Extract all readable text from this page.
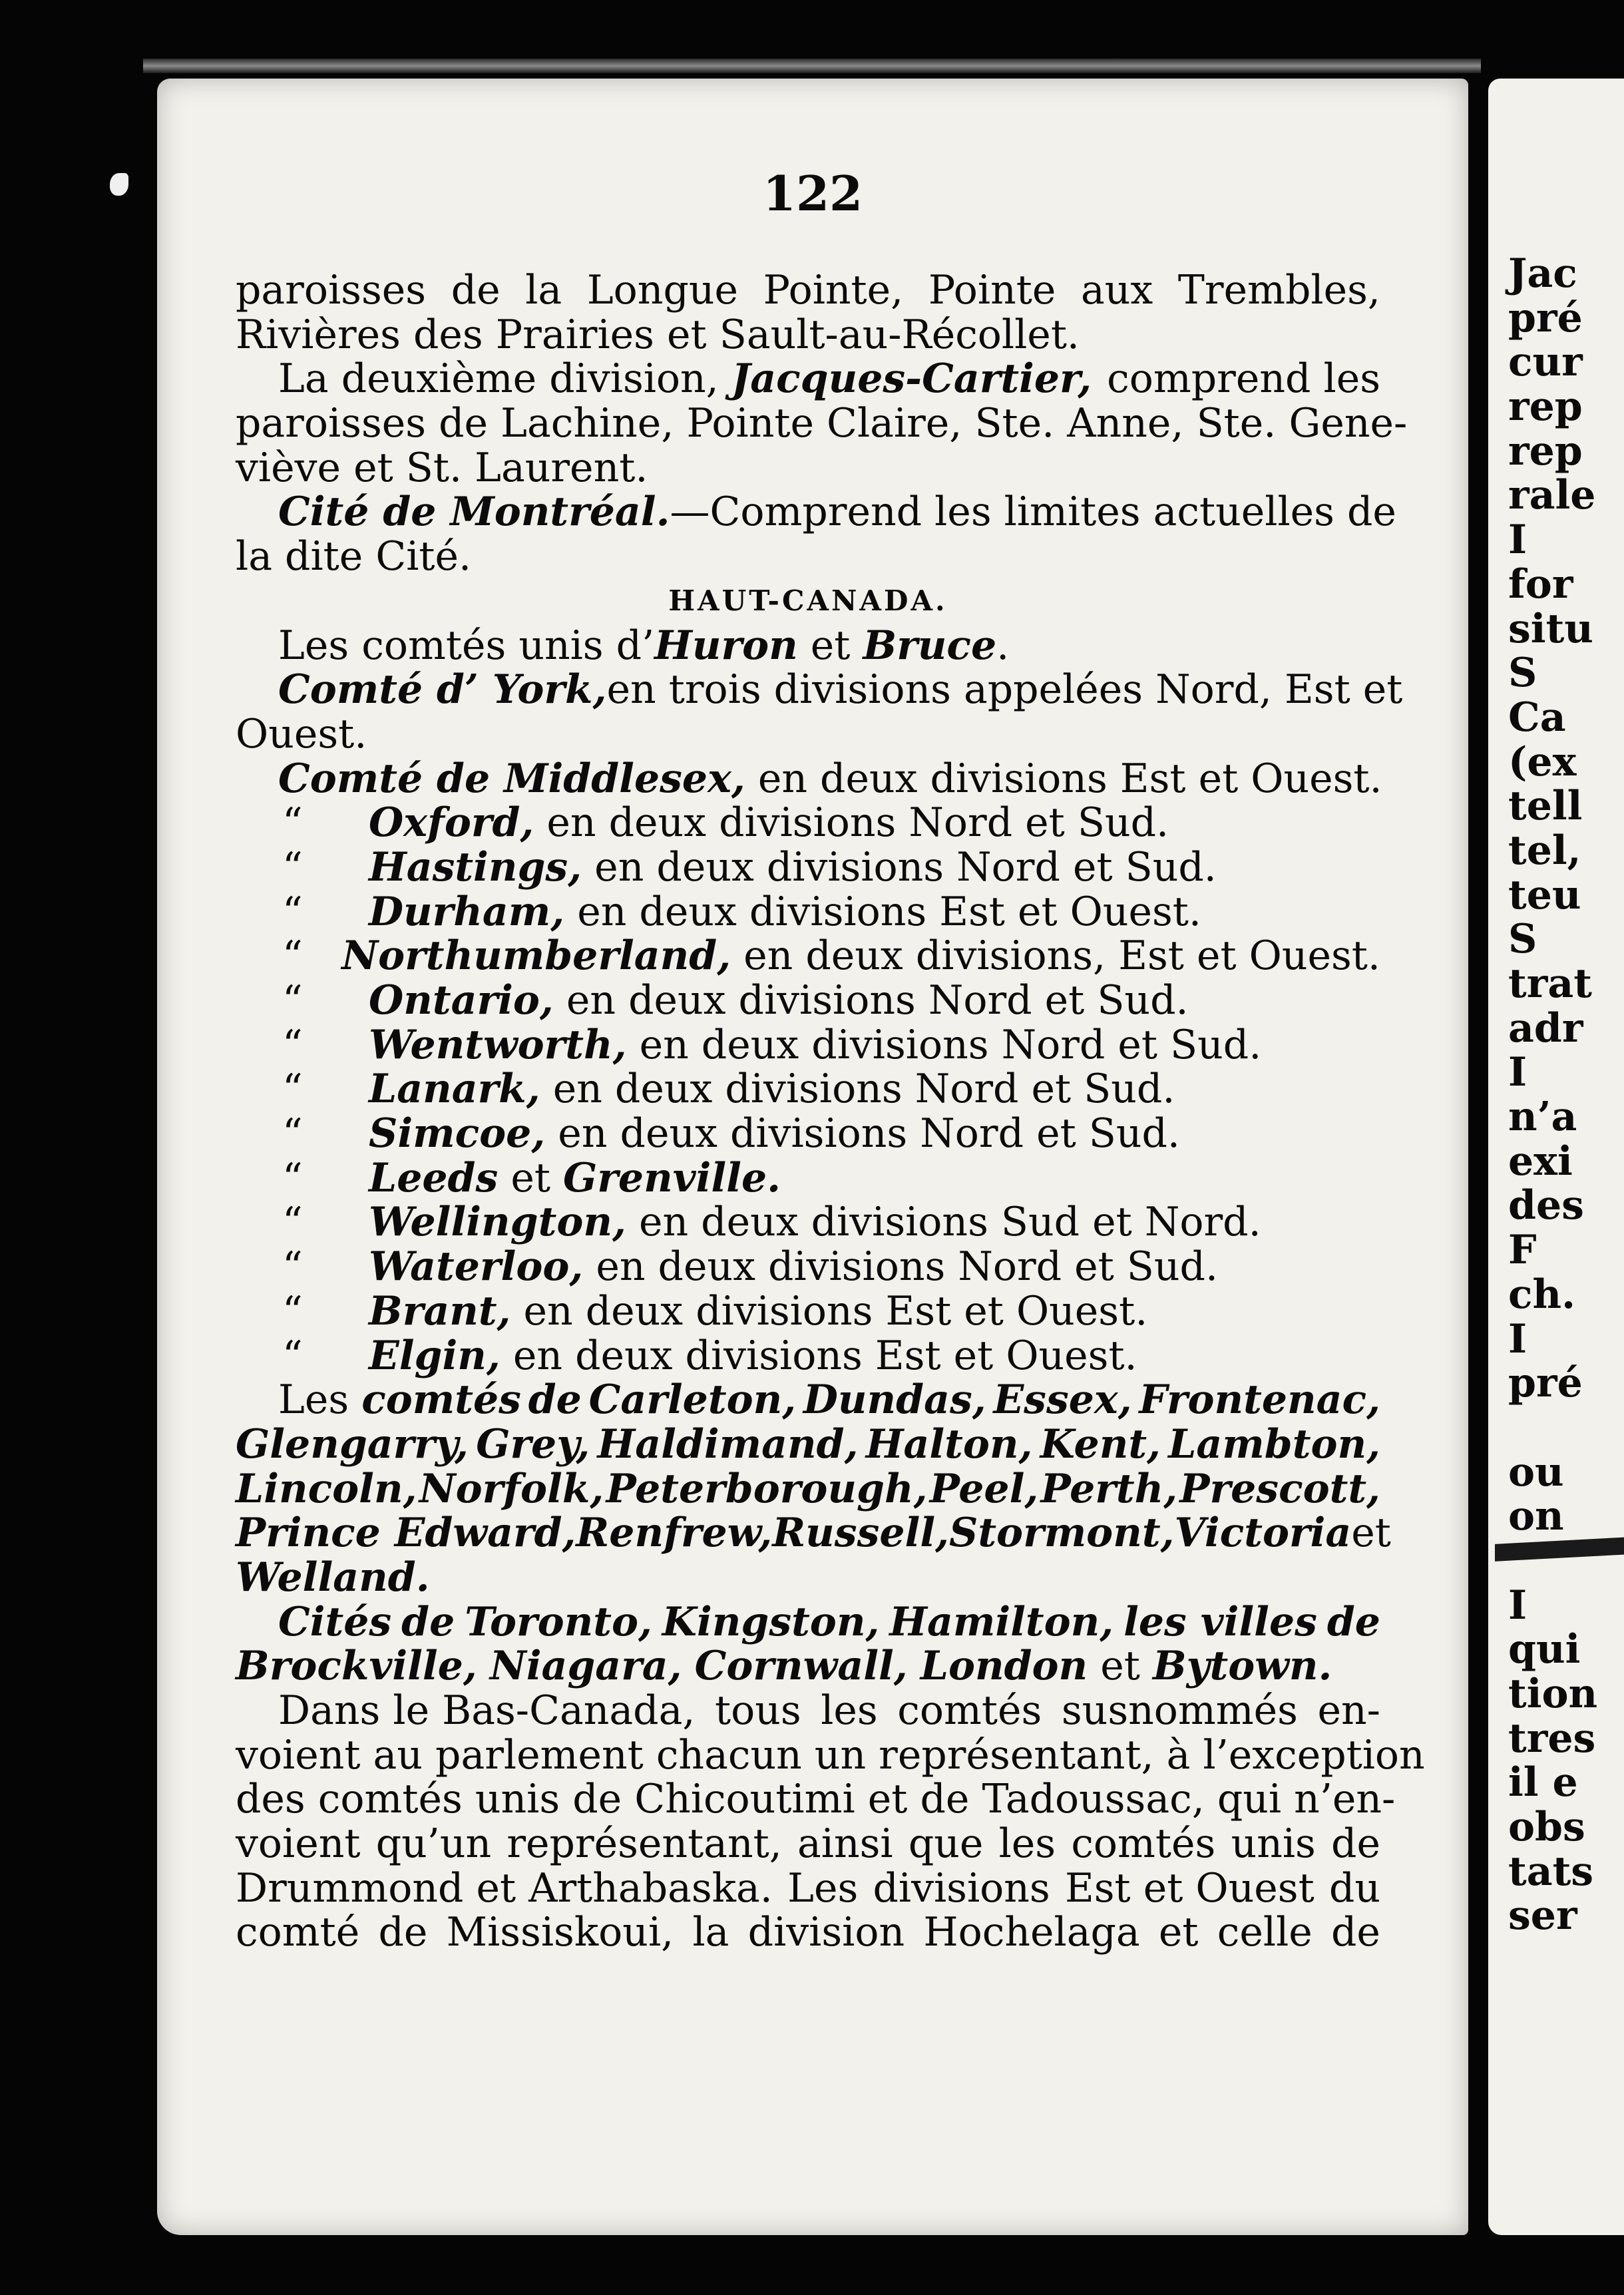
122
paroisses de la Longue Pointe, Pointe aux Trembles,
Rivières des Prairies et Sault-au-Récollet.
La deuxième division, Jacques-Cartier, comprend les
paroisses de Lachine, Pointe Claire, Ste. Anne, Ste. Gene-
viève et St. Laurent.
Cité de Montréal. —Comprend les limites actuelles de
la dite Cité.
HAUT-CANADA.
Les comtés unis d’Huron et Bruce.
Comté d’ York, en trois divisions appelées Nord, Est et
Ouest.
Comté de Middlesex, en deux divisions Est et Ouest.
“	Oxford, en deux divisions Nord et Sud.
“	Hastings, en deux divisions Nord et Sud.
“	Durham, en deux divisions Est et Ouest.
“ Northumberland, en deux divisions, Est et Ouest.
“	Ontario, en deux divisions Nord et Sud.
“	Wentworth, en deux divisions Nord et Sud.
“	Lanark, en deux divisions Nord et Sud.
“	Simcoe, en deux divisions Nord et Sud.
“	Leeds et Grenville.
“	Wellington, en deux divisions Sud et Nord.
“	Waterloo, en deux divisions Nord et Sud.
“	Brant, en deux divisions Est et Ouest.
“	Elgin, en deux divisions Est et Ouest.
Les comtés de Carleton, Dundas, Essex, Frontenac,
Glengarry, Grey, Haldimand, Halton, Kent, Lambton,
Lincoln, Norfolk, Peterborough, Peel, Perth, Prescott,
Prince Edward, Renfrew, Russell, Stormont, Victoria et
Welland.
Cités de Toronto, Kingston, Hamilton, les villes de
Brockville, Niagara, Cornwall, London et Bytown.
Dans le Bas-Canada, tous les comtés susnommés en-
voient au parlement chacun un représentant, à l’exception
des comtés unis de Chicoutimi et de Tadoussac, qui n’en-
voient qu’un représentant, ainsi que les comtés unis de
Drummond et Arthabaska. Les divisions Est et Ouest du
comté de Missiskoui, la division Hochelaga et celle de
Jac
pré
cur
rep
rep
rale
I
for
situ
S
Ca
(ex
tell
tel,
teu
S
trat
adr
I
n’a
exi
des
F
ch.
I
pré
ou
on
I
qui
tion
tres
il e
obs
tats
ser
